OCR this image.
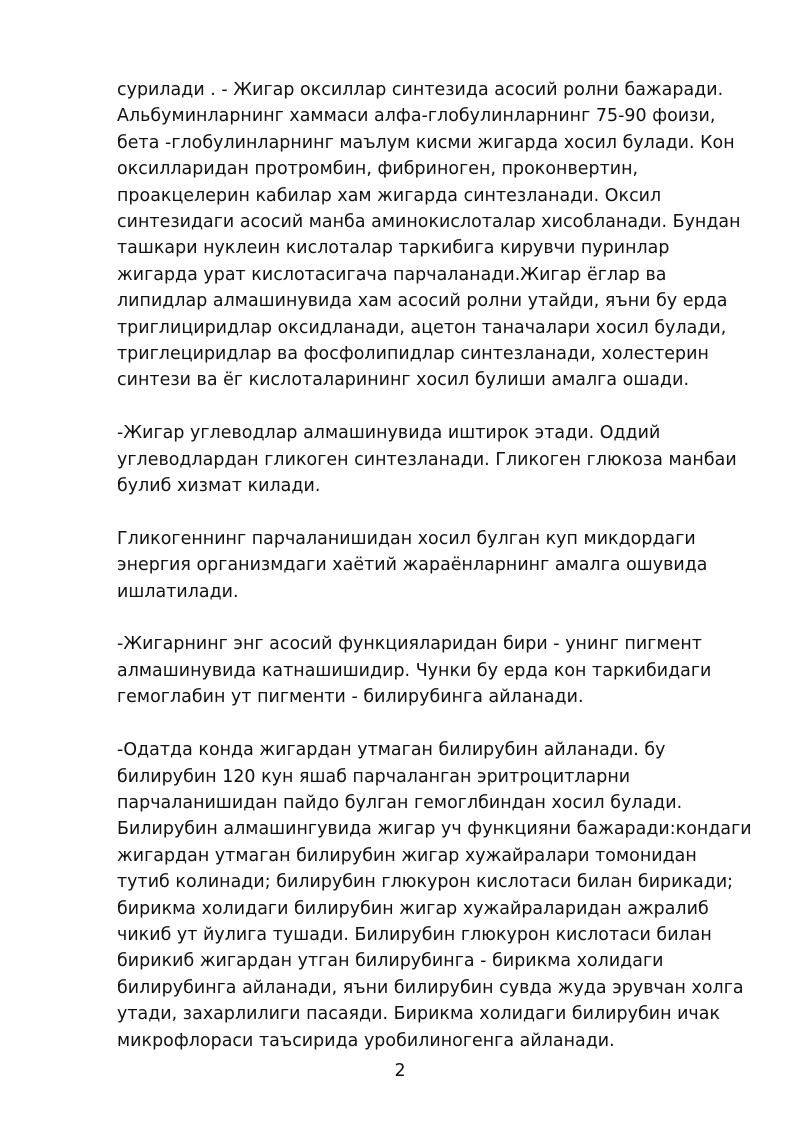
сурилади . - Жигар оксиллар синтезида асосий ролни бажаради. Альбуминларнинг хаммаси алфа-глобулинларнинг 75-90 фоизи, бета -глобулинларнинг маълум кисми жигарда хосил булади. Кон оксилларидан протромбин, фибриноген, проконвертин, проакцелерин кабилар хам жигарда синтезланади. Оксил синтезидаги асосий манба аминокислоталар хисобланади. Бундан ташкари нуклеин кислоталар таркибига кирувчи пуринлар жигарда урат кислотасигача парчаланади.Жигар ёглар ва липидлар алмашинувида хам асосий ролни утайди, яъни бу ерда триглициридлар оксидланади, ацетон таначалари хосил булади, триглециридлар ва фосфолипидлар синтезланади, холестерин синтези ва ёг кислоталарининг хосил булиши амалга ошади.

-Жигар углеводлар алмашинувида иштирок этади. Оддий углеводлардан гликоген синтезланади. Гликоген глюкоза манбаи булиб хизмат килади.

Гликогеннинг парчаланишидан хосил булган куп микдордаги энергия организмдаги хаётий жараёнларнинг амалга ошувида ишлатилади.

-Жигарнинг энг асосий функцияларидан бири - унинг пигмент алмашинувида катнашишидир. Чунки бу ерда кон таркибидаги гемоглабин ут пигменти - билирубинга айланади.

-Одатда конда жигардан утмаган билирубин айланади. бу билирубин 120 кун яшаб парчаланган эритроцитларни парчаланишидан пайдо булган гемоглбиндан хосил булади. Билирубин алмашингувида жигар уч функцияни бажаради:кондаги жигардан утмаган билирубин жигар хужайралари томонидан тутиб колинади; билирубин глюкурон кислотаси билан бирикади; бирикма холидаги билирубин жигар хужайраларидан ажралиб чикиб ут йулига тушади. Билирубин глюкурон кислотаси билан бирикиб жигардан утган билирубинга - бирикма холидаги билирубинга айланади, яъни билирубин сувда жуда эрувчан холга утади, захарлилиги пасаяди. Бирикма холидаги билирубин ичак микрофлораси таъсирида уробилиногенга айланади.

2
